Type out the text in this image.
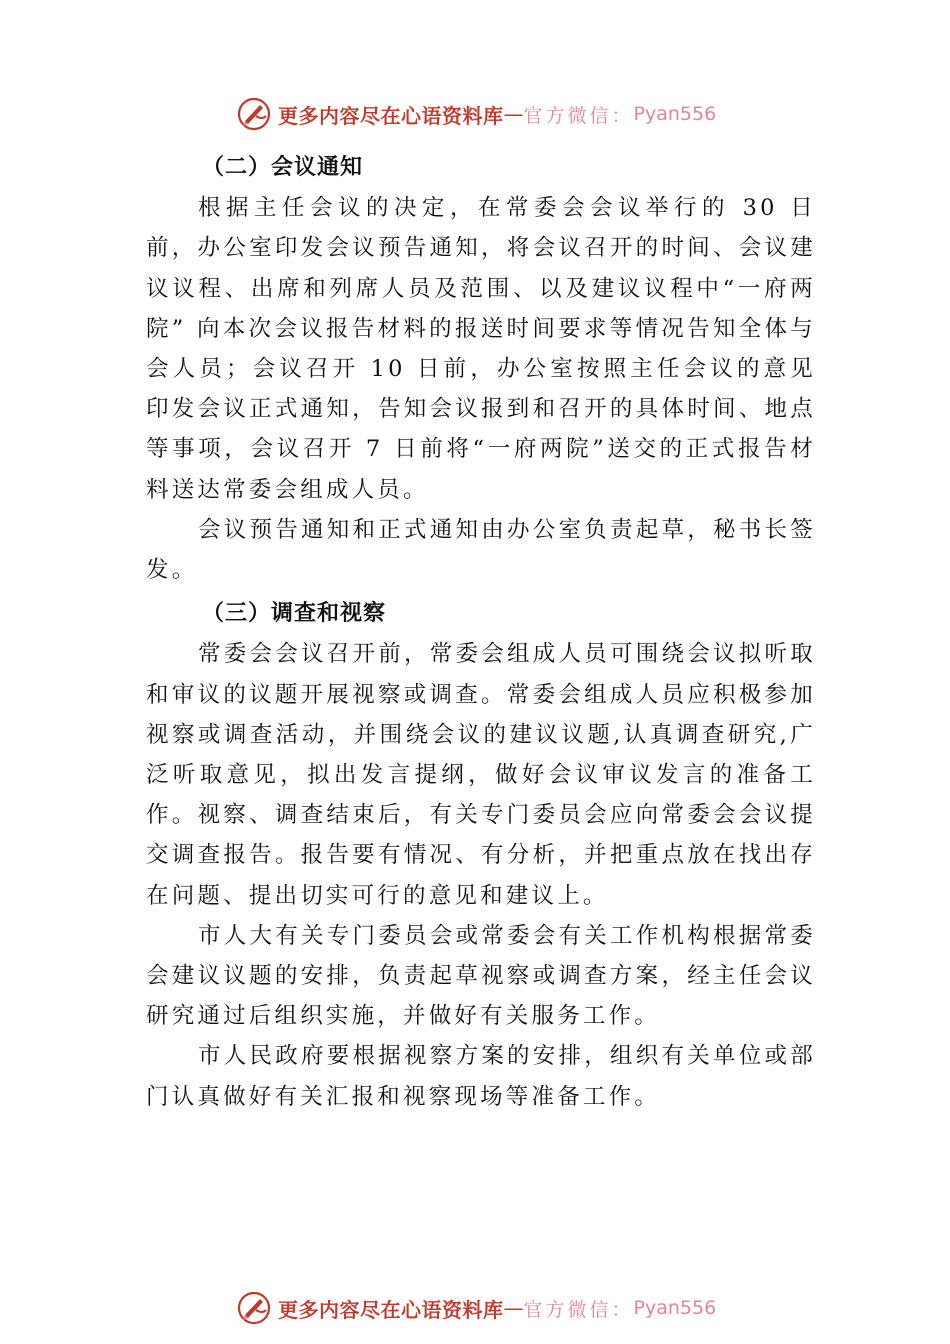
更多内容尽在心语资料库 — 官方微信： Pyan556

（二）会议通知

根据主任会议的决定，在常委会会议举行的 30 日前，办公室印发会议预告通知，将会议召开的时间、会议建议议程、出席和列席人员及范围、以及建议议程中“一府两院” 向本次会议报告材料的报送时间要求等情况告知全体与会人员；会议召开 10 日前，办公室按照主任会议的意见印发会议正式通知，告知会议报到和召开的具体时间、地点等事项，会议召开 7 日前将“一府两院”送交的正式报告材料送达常委会组成人员。

会议预告通知和正式通知由办公室负责起草，秘书长签发。

（三）调查和视察

常委会会议召开前，常委会组成人员可围绕会议拟听取和审议的议题开展视察或调查。常委会组成人员应积极参加视察或调查活动，并围绕会议的建议议题,认真调查研究,广泛听取意见，拟出发言提纲，做好会议审议发言的准备工作。视察、调查结束后，有关专门委员会应向常委会会议提交调查报告。报告要有情况、有分析，并把重点放在找出存在问题、提出切实可行的意见和建议上。

市人大有关专门委员会或常委会有关工作机构根据常委会建议议题的安排，负责起草视察或调查方案，经主任会议研究通过后组织实施，并做好有关服务工作。

市人民政府要根据视察方案的安排，组织有关单位或部门认真做好有关汇报和视察现场等准备工作。

更多内容尽在心语资料库 — 官方微信： Pyan556
